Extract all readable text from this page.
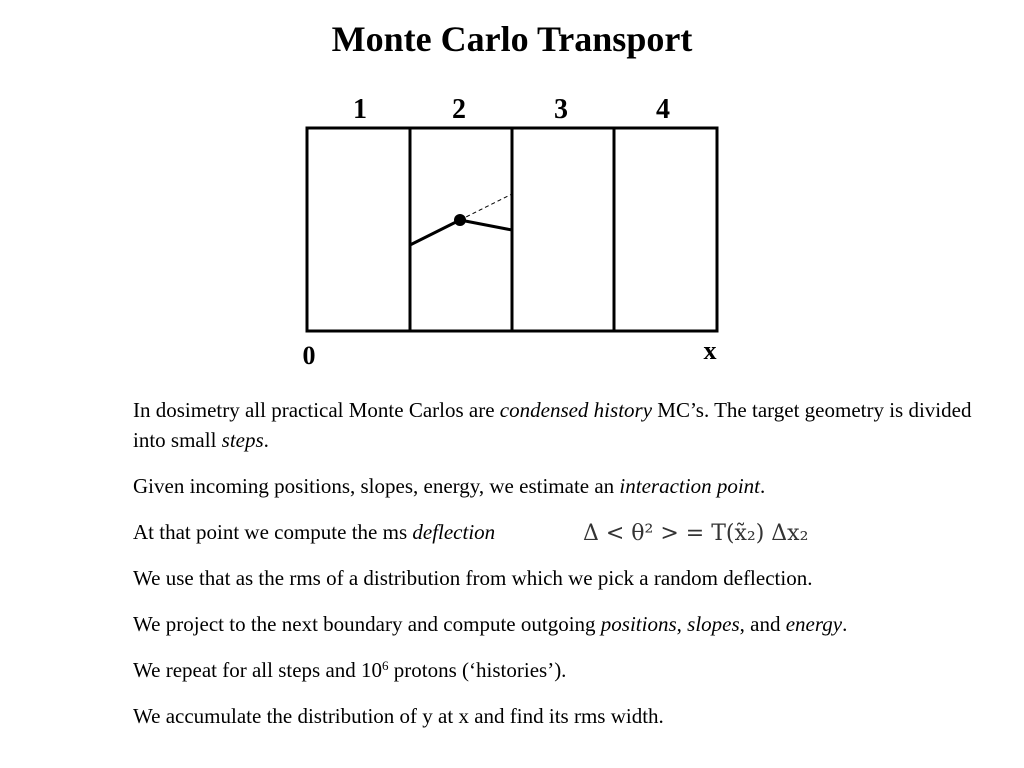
Monte Carlo Transport
1	2	3	4
0	x

In dosimetry all practical Monte Carlos are condensed history MC’s. The target geometry is divided into small steps.

Given incoming positions, slopes, energy, we estimate an interaction point.

At that point we compute the ms deflection	Δ < θ² > = T(x̃₂) Δx₂

We use that as the rms of a distribution from which we pick a random deflection.

We project to the next boundary and compute outgoing positions, slopes, and energy.

We repeat for all steps and $10^6$ protons (‘histories’).

We accumulate the distribution of y at x and find its rms width.
